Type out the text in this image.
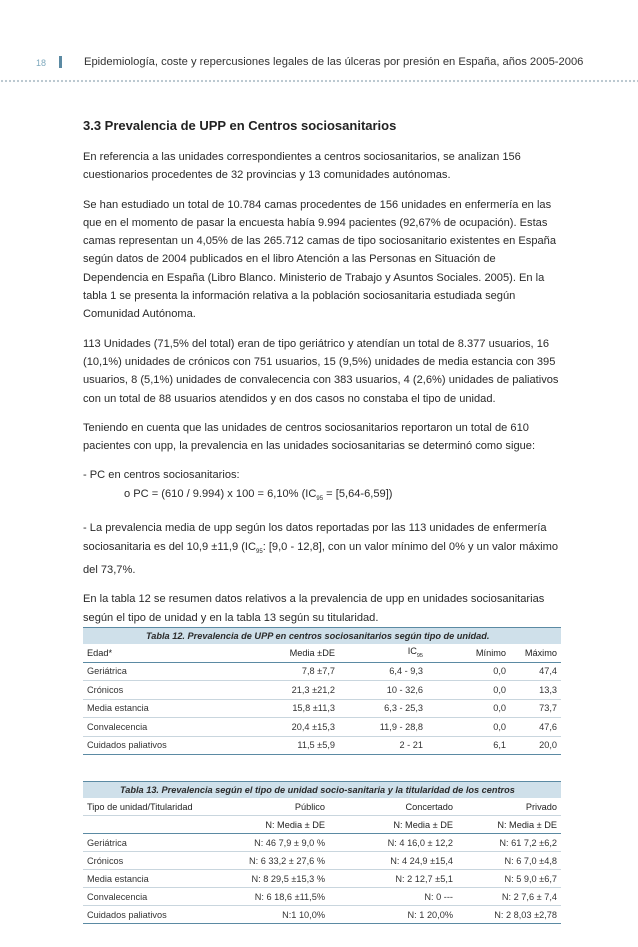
18	Epidemiología, coste y repercusiones legales de las úlceras por presión en España, años 2005-2006
3.3 Prevalencia de UPP en Centros sociosanitarios

En referencia a las unidades correspondientes a centros sociosanitarios, se analizan 156 cuestionarios procedentes de 32 provincias y 13 comunidades autónomas.

Se han estudiado un total de 10.784 camas procedentes de 156 unidades en enfermería en las que en el momento de pasar la encuesta había 9.994 pacientes (92,67% de ocupación). Estas camas representan un 4,05% de las 265.712 camas de tipo sociosanitario existentes en España según datos de 2004 publicados en el libro Atención a las Personas en Situación de Dependencia en España (Libro Blanco. Ministerio de Trabajo y Asuntos Sociales. 2005). En la tabla 1 se presenta la información relativa a la población sociosanitaria estudiada según Comunidad Autónoma.

113 Unidades (71,5% del total) eran de tipo geriátrico y atendían un total de 8.377 usuarios, 16 (10,1%) unidades de crónicos con 751 usuarios, 15 (9,5%) unidades de media estancia con 395 usuarios, 8 (5,1%) unidades de convalecencia con 383 usuarios, 4 (2,6%) unidades de paliativos con un total de 88 usuarios atendidos y en dos casos no constaba el tipo de unidad.

Teniendo en cuenta que las unidades de centros sociosanitarios reportaron un total de 610 pacientes con upp, la prevalencia en las unidades sociosanitarias se determinó como sigue:

- PC en centros sociosanitarios:

o PC = (610 / 9.994) x 100 = 6,10% $(IC_{95} = [5,64-6,59])$

- La prevalencia media de upp según los datos reportadas por las 113 unidades de enfermería sociosanitaria es del 10,9 ±11,9 ($IC_{95}$: [9,0 - 12,8], con un valor mínimo del 0% y un valor máximo del 73,7%.

En la tabla 12 se resumen datos relativos a la prevalencia de upp en unidades sociosanitarias según el tipo de unidad y en la tabla 13 según su titularidad.

Tabla 12. Prevalencia de UPP en centros sociosanitarios según tipo de unidad.
Edad*	Media ±DE	$IC_{95}$	Mínimo	Máximo
Geriátrica	7,8 ±7,7	6,4 - 9,3	0,0	47,4
Crónicos	21,3 ±21,2	10 - 32,6	0,0	13,3
Media estancia	15,8 ±11,3	6,3 - 25,3	0,0	73,7
Convalecencia	20,4 ±15,3	11,9 - 28,8	0,0	47,6
Cuidados paliativos	11,5 ±5,9	2 - 21	6,1	20,0
Tabla 13. Prevalencia según el tipo de unidad socio-sanitaria y la titularidad de los centros
Tipo de unidad/Titularidad	Público	Concertado	Privado
	N: Media ± DE	N: Media ± DE	N: Media ± DE
Geriátrica	N: 46 7,9 ± 9,0 %	N: 4 16,0 ± 12,2	N: 61 7,2 ±6,2
Crónicos	N: 6 33,2 ± 27,6 %	N: 4 24,9 ±15,4	N: 6 7,0 ±4,8
Media estancia	N: 8 29,5 ±15,3 %	N: 2 12,7 ±5,1	N: 5 9,0 ±6,7
Convalecencia	N: 6 18,6 ±11,5%	N: 0 ---	N: 2 7,6 ± 7,4
Cuidados paliativos	N:1 10,0%	N: 1 20,0%	N: 2 8,03 ±2,78
